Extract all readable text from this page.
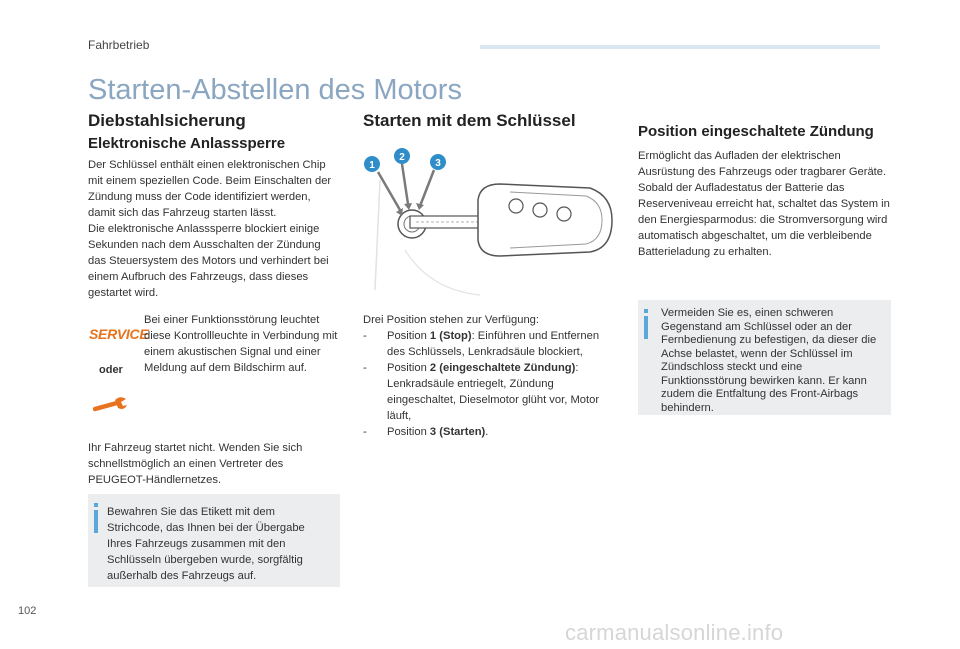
Fahrbetrieb
Starten-Abstellen des Motors
Diebstahlsicherung
Elektronische Anlasssperre

Der Schlüssel enthält einen elektronischen Chip mit einem speziellen Code. Beim Einschalten der Zündung muss der Code identifiziert werden, damit sich das Fahrzeug starten lässt.

Die elektronische Anlasssperre blockiert einige Sekunden nach dem Ausschalten der Zündung das Steuersystem des Motors und verhindert bei einem Aufbruch des Fahrzeugs, dass dieses gestartet wird.

SERVICE
oder
Bei einer Funktionsstörung leuchtet diese Kontrollleuchte in Verbindung mit einem akustischen Signal und einer Meldung auf dem Bildschirm auf.
Ihr Fahrzeug startet nicht. Wenden Sie sich schnellstmöglich an einen Vertreter des PEUGEOT-Händlernetzes.
Bewahren Sie das Etikett mit dem Strichcode, das Ihnen bei der Übergabe Ihres Fahrzeugs zusammen mit den Schlüsseln übergeben wurde, sorgfältig außerhalb des Fahrzeugs auf.
Starten mit dem Schlüssel
1
2
3

Drei Position stehen zur Verfügung:

- Position 1 (Stop): Einführen und Entfernen des Schlüssels, Lenkradsäule blockiert,
- Position 2 (eingeschaltete Zündung): Lenkradsäule entriegelt, Zündung eingeschaltet, Dieselmotor glüht vor, Motor läuft,
- Position 3 (Starten).
Position eingeschaltete Zündung

Ermöglicht das Aufladen der elektrischen Ausrüstung des Fahrzeugs oder tragbarer Geräte.

Sobald der Aufladestatus der Batterie das Reserveniveau erreicht hat, schaltet das System in den Energiesparmodus: die Stromversorgung wird automatisch abgeschaltet, um die verbleibende Batterieladung zu erhalten.

Vermeiden Sie es, einen schweren Gegenstand am Schlüssel oder an der Fernbedienung zu befestigen, da dieser die Achse belastet, wenn der Schlüssel im Zündschloss steckt und eine Funktionsstörung bewirken kann. Er kann zudem die Entfaltung des Front-Airbags behindern.
102
carmanualsonline.info
